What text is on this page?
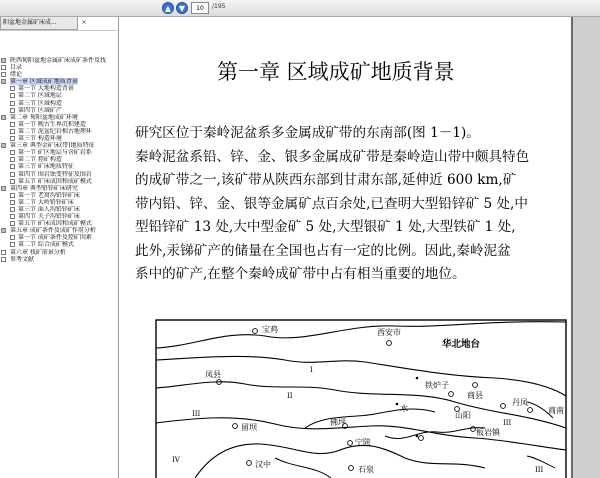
▲ ▼
10	/195
阳盆地金属矿床成...	×
陕西甸阳盆地金属矿床成矿条件及找
目录
绪论
第一章 区域成矿地质背景
第一节 大地构造背景
第二节 区域地层
第三节 区域构造
第四节 区域矿产
第二章 甸阳盆地成矿环境
第一节 晚古生界沉积建造
第二节 泥盆纪岩相古地理环
第三节 构造环境
第三章 典型金矿床(带)地质特征
第一节 矿区地层与含矿岩系
第二节 控矿构造
第三节 矿床地质特征
第四节 围岩蚀变特征及围岩
第五节 矿床成因和成矿模式
第四章 典型铅锌矿床研究
第一节 老窝沟铅锌矿床
第二节 大岭铅锌矿床
第三节 面人沟铅锌矿床
第四节 关子沟铅锌矿床
第五节 矿床成因和成矿模式
第五章 成矿条件及成矿作用分析
第一节 成矿条件及控矿因素
第二节 综合成矿模式
第六章 找矿前景分析
参考文献
第一章 区域成矿地质背景
研究区位于秦岭泥盆系多金属成矿带的东南部(图 1－1)。
秦岭泥盆系铅、锌、金、银多金属成矿带是秦岭造山带中颇具特色
的成矿带之一,该矿带从陕西东部到甘肃东部,延伸近 600 km,矿
带内铅、锌、金、银等金属矿点百余处,已查明大型铅锌矿 5 处,中
型铅锌矿 13 处,大中型金矿 5 处,大型银矿 1 处,大型铁矿 1 处,
此外,汞锑矿产的储量在全国也占有一定的比例。因此,秦岭泥盆
系中的矿产,在整个秦岭成矿带中占有相当重要的地位。
宝鸡	西安市
华北地台
凤县
铁炉子
商县
丹凤
商南
水
山阳
板岩镇
留坝
佛坪
宁陕
汉中
石泉
I
II
III
III
IV
III
